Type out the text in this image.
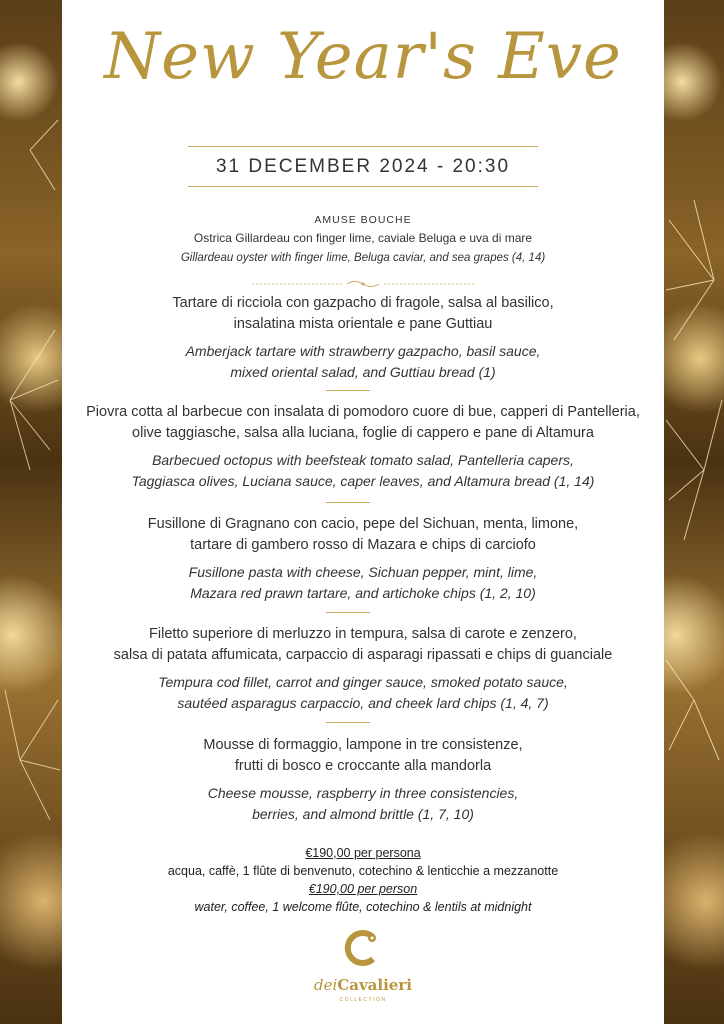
New Year's Eve
31 DECEMBER 2024 - 20:30
AMUSE BOUCHE
Ostrica Gillardeau con finger lime, caviale Beluga e uva di mare
Gillardeau oyster with finger lime, Beluga caviar, and sea grapes (4, 14)
Tartare di ricciola con gazpacho di fragole, salsa al basilico,
insalatina mista orientale e pane Guttiau
Amberjack tartare with strawberry gazpacho, basil sauce,
mixed oriental salad, and Guttiau bread (1)
Piovra cotta al barbecue con insalata di pomodoro cuore di bue, capperi di Pantelleria,
olive taggiasche, salsa alla luciana, foglie di cappero e pane di Altamura
Barbecued octopus with beefsteak tomato salad, Pantelleria capers,
Taggiasca olives, Luciana sauce, caper leaves, and Altamura bread (1, 14)
Fusillone di Gragnano con cacio, pepe del Sichuan, menta, limone,
tartare di gambero rosso di Mazara e chips di carciofo
Fusillone pasta with cheese, Sichuan pepper, mint, lime,
Mazara red prawn tartare, and artichoke chips (1, 2, 10)
Filetto superiore di merluzzo in tempura, salsa di carote e zenzero,
salsa di patata affumicata, carpaccio di asparagi ripassati e chips di guanciale
Tempura cod fillet, carrot and ginger sauce, smoked potato sauce,
sautéed asparagus carpaccio, and cheek lard chips (1, 4, 7)
Mousse di formaggio, lampone in tre consistenze,
frutti di bosco e croccante alla mandorla
Cheese mousse, raspberry in three consistencies,
berries, and almond brittle (1, 7, 10)
€190,00 per persona
acqua, caffè, 1 flûte di benvenuto, cotechino & lenticchie a mezzanotte
€190,00 per person
water, coffee, 1 welcome flûte, cotechino & lentils at midnight
deiCavalieri
COLLECTION
